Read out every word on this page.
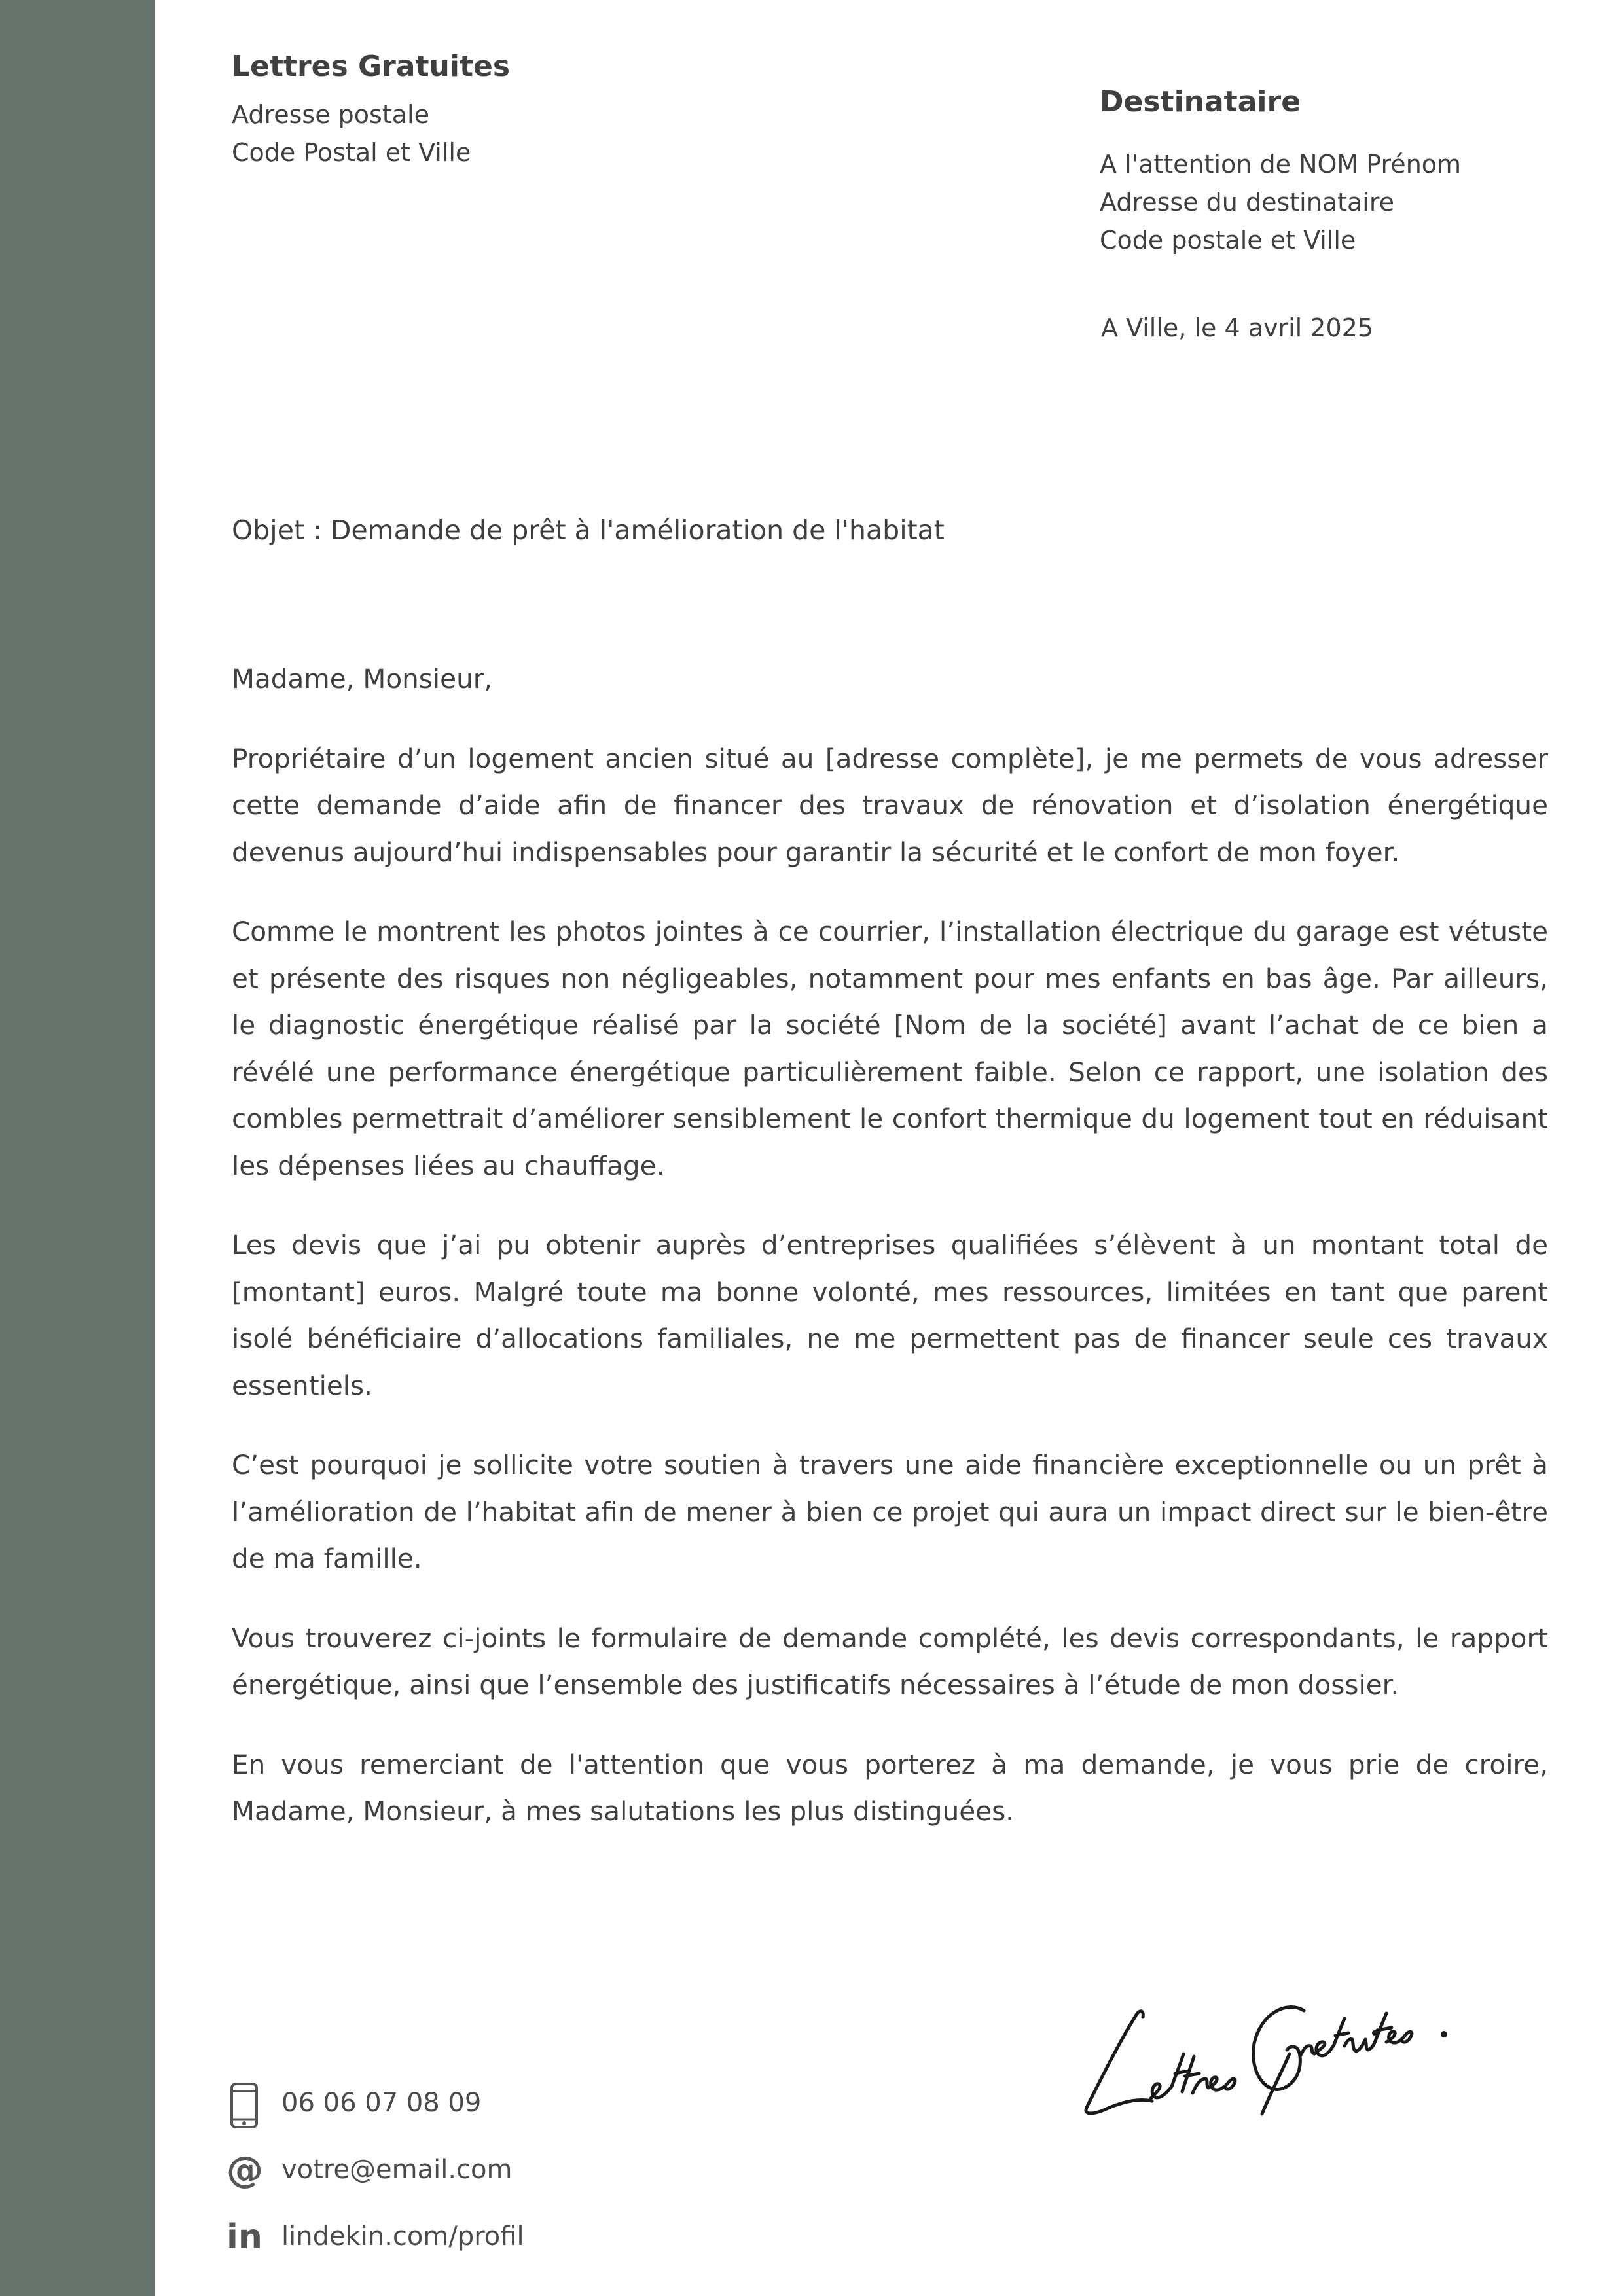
Lettres Gratuites
Adresse postale
Code Postal et Ville
Destinataire
A l'attention de NOM Prénom
Adresse du destinataire
Code postale et Ville
A Ville, le 4 avril 2025
Objet : Demande de prêt à l'amélioration de l'habitat

Madame, Monsieur,

Propriétaire d’un logement ancien situé au [adresse complète], je me permets de vous adresser cette demande d’aide afin de financer des travaux de rénovation et d’isolation énergétique devenus aujourd’hui indispensables pour garantir la sécurité et le confort de mon foyer.

Comme le montrent les photos jointes à ce courrier, l’installation électrique du garage est vétuste et présente des risques non négligeables, notamment pour mes enfants en bas âge. Par ailleurs, le diagnostic énergétique réalisé par la société [Nom de la société] avant l’achat de ce bien a révélé une performance énergétique particulièrement faible. Selon ce rapport, une isolation des combles permettrait d’améliorer sensiblement le confort thermique du logement tout en réduisant les dépenses liées au chauffage.

Les devis que j’ai pu obtenir auprès d’entreprises qualifiées s’élèvent à un montant total de [montant] euros. Malgré toute ma bonne volonté, mes ressources, limitées en tant que parent isolé bénéficiaire d’allocations familiales, ne me permettent pas de financer seule ces travaux essentiels.

C’est pourquoi je sollicite votre soutien à travers une aide financière exceptionnelle ou un prêt à l’amélioration de l’habitat afin de mener à bien ce projet qui aura un impact direct sur le bien-être de ma famille.

Vous trouverez ci-joints le formulaire de demande complété, les devis correspondants, le rapport énergétique, ainsi que l’ensemble des justificatifs nécessaires à l’étude de mon dossier.

En vous remerciant de l'attention que vous porterez à ma demande, je vous prie de croire, Madame, Monsieur, à mes salutations les plus distinguées.

06 06 07 08 09
@ votre@email.com
in lindekin.com/profil
